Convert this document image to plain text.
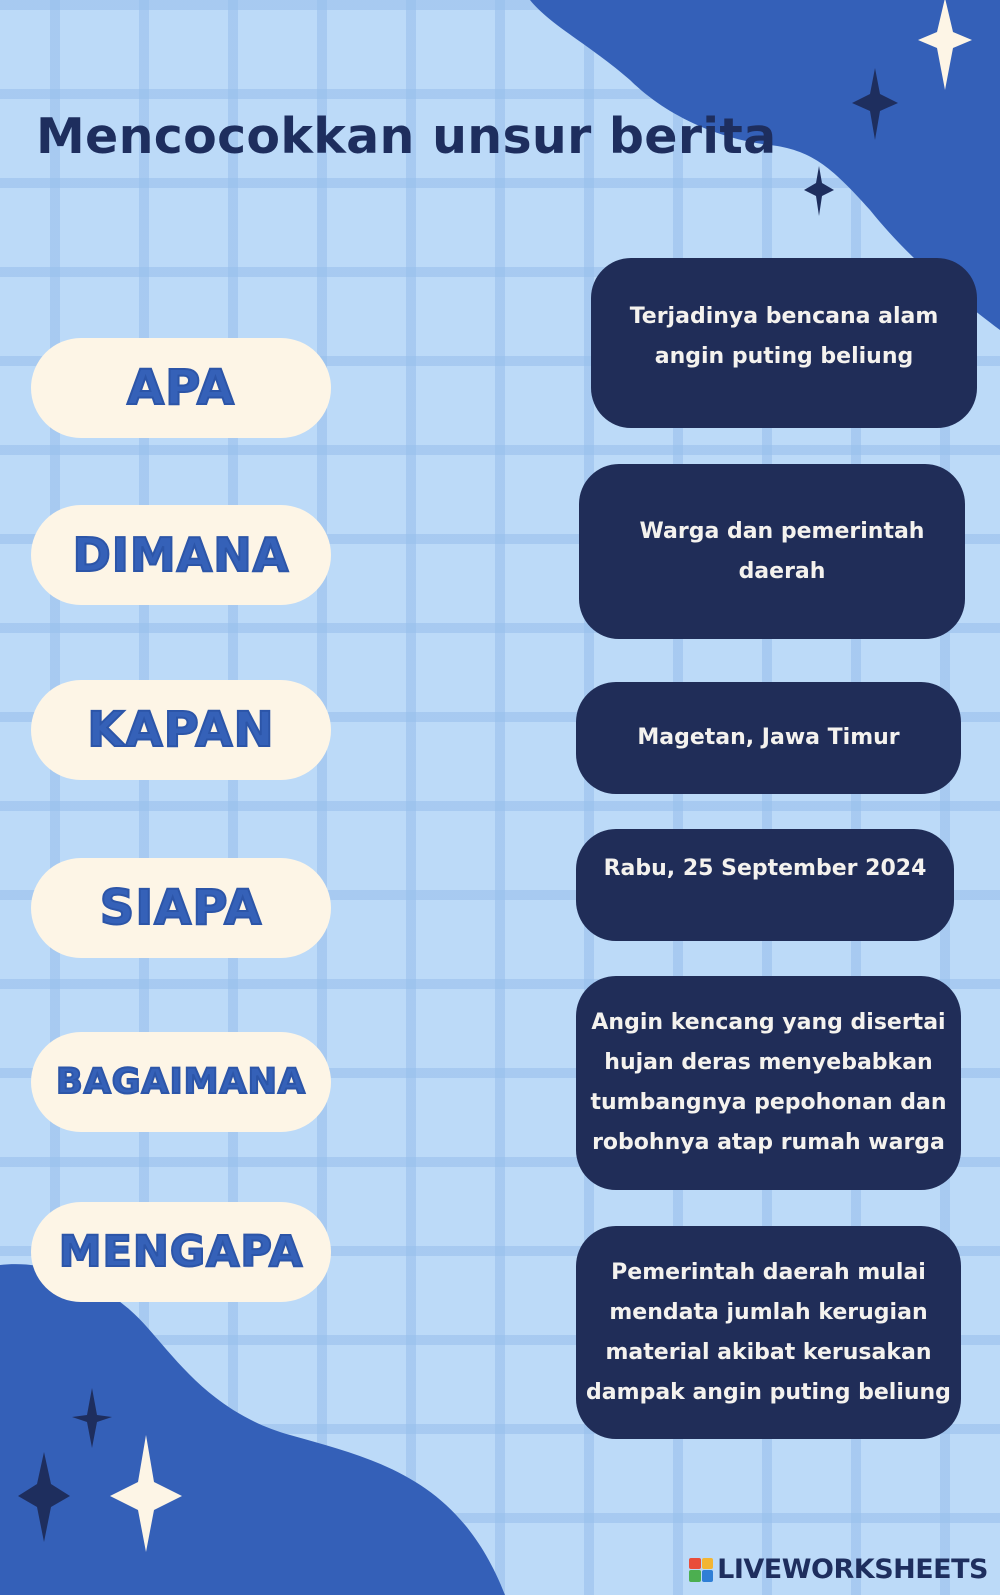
Mencocokkan unsur berita
APA
DIMANA
KAPAN
SIAPA
BAGAIMANA
MENGAPA
Terjadinya bencana alam angin puting beliung
Warga dan pemerintah daerah
Magetan, Jawa Timur
Rabu, 25 September 2024
Angin kencang yang disertai hujan deras menyebabkan tumbangnya pepohonan dan robohnya atap rumah warga
Pemerintah daerah mulai mendata jumlah kerugian material akibat kerusakan dampak angin puting beliung
LIVEWORKSHEETS
